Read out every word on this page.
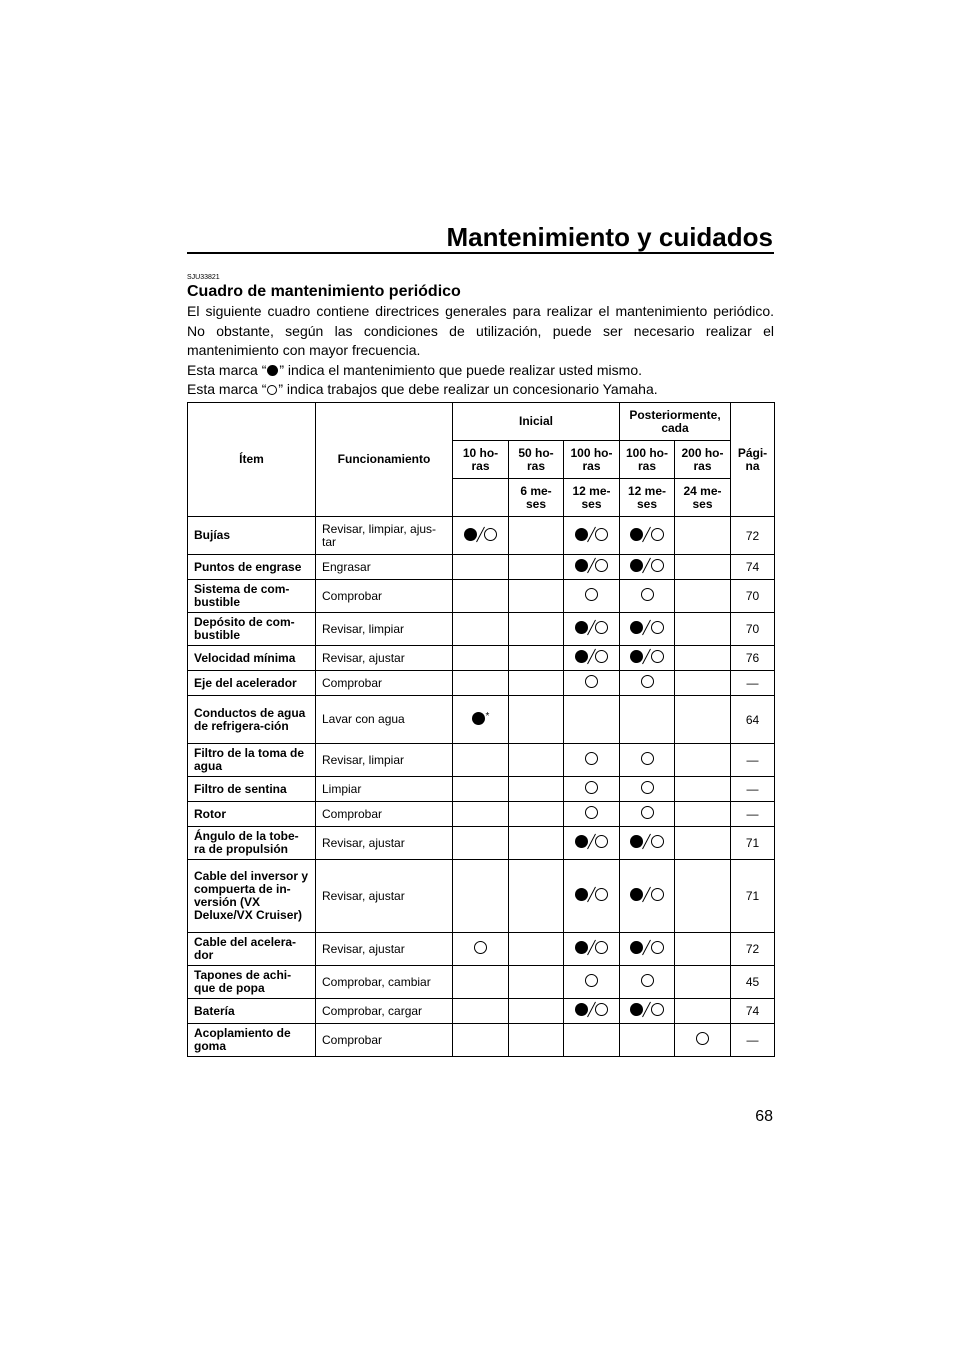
Mantenimiento y cuidados
SJU33821
Cuadro de mantenimiento periódico

El siguiente cuadro contiene directrices generales para realizar el mantenimiento periódico. No obstante, según las condiciones de utilización, puede ser necesario realizar el mantenimiento con mayor frecuencia.

Esta marca “ ” indica el mantenimiento que puede realizar usted mismo.

Esta marca “ ” indica trabajos que debe realizar un concesionario Yamaha.

Ítem	Funcionamiento	Inicial			Posteriormente, cada		Pági-na
		10 ho-ras	50 ho-ras	100 ho-ras	100 ho-ras	200 ho-ras	
			6 me-ses	12 me-ses	12 me-ses	24 me-ses	
Bujías	Revisar, limpiar, ajus-tar						72
Puntos de engrase	Engrasar						74
Sistema de com-bustible	Comprobar						70
Depósito de com-bustible	Revisar, limpiar						70
Velocidad mínima	Revisar, ajustar						76
Eje del acelerador	Comprobar						—
Conductos de agua de refrigera-ción	Lavar con agua	*					64
Filtro de la toma de agua	Revisar, limpiar						—
Filtro de sentina	Limpiar						—
Rotor	Comprobar						—
Ángulo de la tobe-ra de propulsión	Revisar, ajustar						71
Cable del inversor y compuerta de in-versión (VX Deluxe/VX Cruiser)	Revisar, ajustar						71
Cable del acelera-dor	Revisar, ajustar						72
Tapones de achi-que de popa	Comprobar, cambiar						45
Batería	Comprobar, cargar						74
Acoplamiento de goma	Comprobar						—
68
